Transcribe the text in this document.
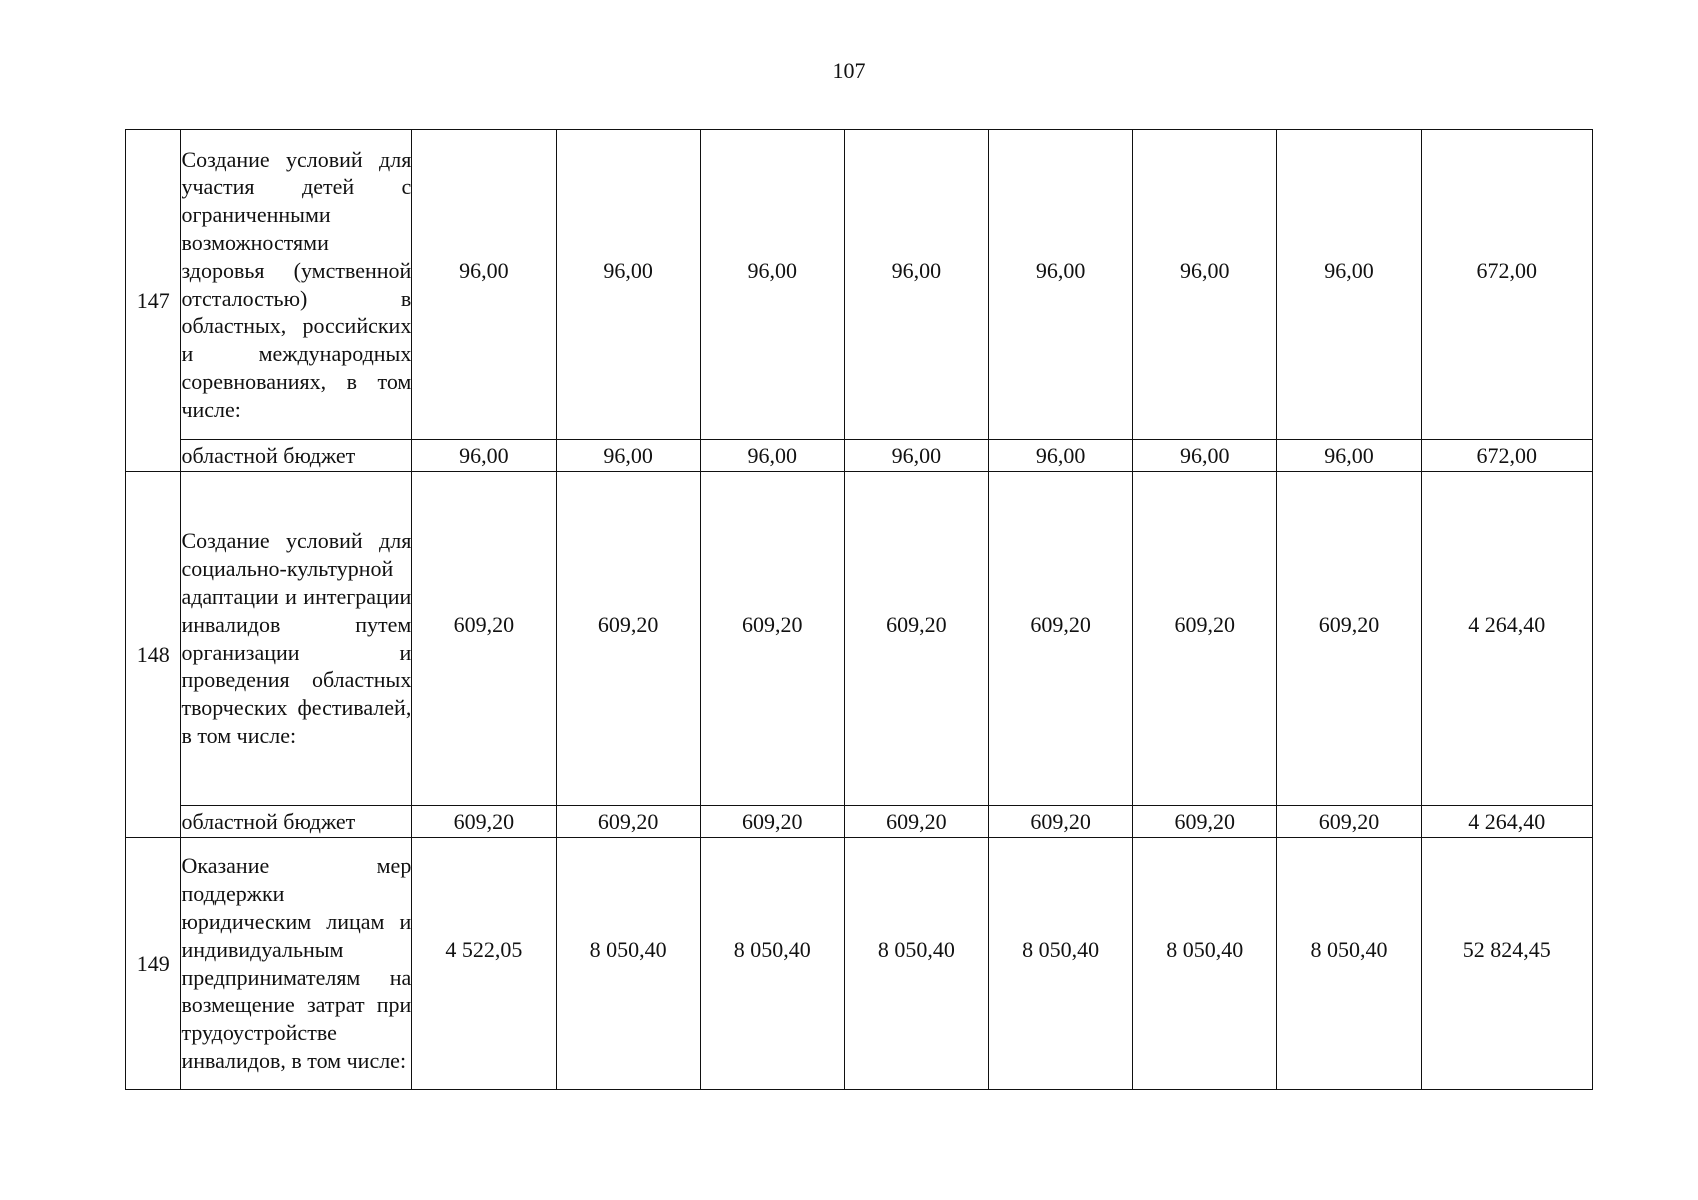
107
147	Создание условий для участия детей с ограниченными возможностями здоровья (умственной отсталостью) в областных, российских и международных соревнованиях, в том числе:	96,00	96,00	96,00	96,00	96,00	96,00	96,00	672,00
	областной бюджет	96,00	96,00	96,00	96,00	96,00	96,00	96,00	672,00
148	Создание условий для социально-культурной адаптации и интеграции инвалидов путем организации и проведения областных творческих фестивалей, в том числе:	609,20	609,20	609,20	609,20	609,20	609,20	609,20	4 264,40
	областной бюджет	609,20	609,20	609,20	609,20	609,20	609,20	609,20	4 264,40
149	Оказание мер поддержки юридическим лицам и индивидуальным предпринимателям на возмещение затрат при трудоустройстве инвалидов, в том числе:	4 522,05	8 050,40	8 050,40	8 050,40	8 050,40	8 050,40	8 050,40	52 824,45
